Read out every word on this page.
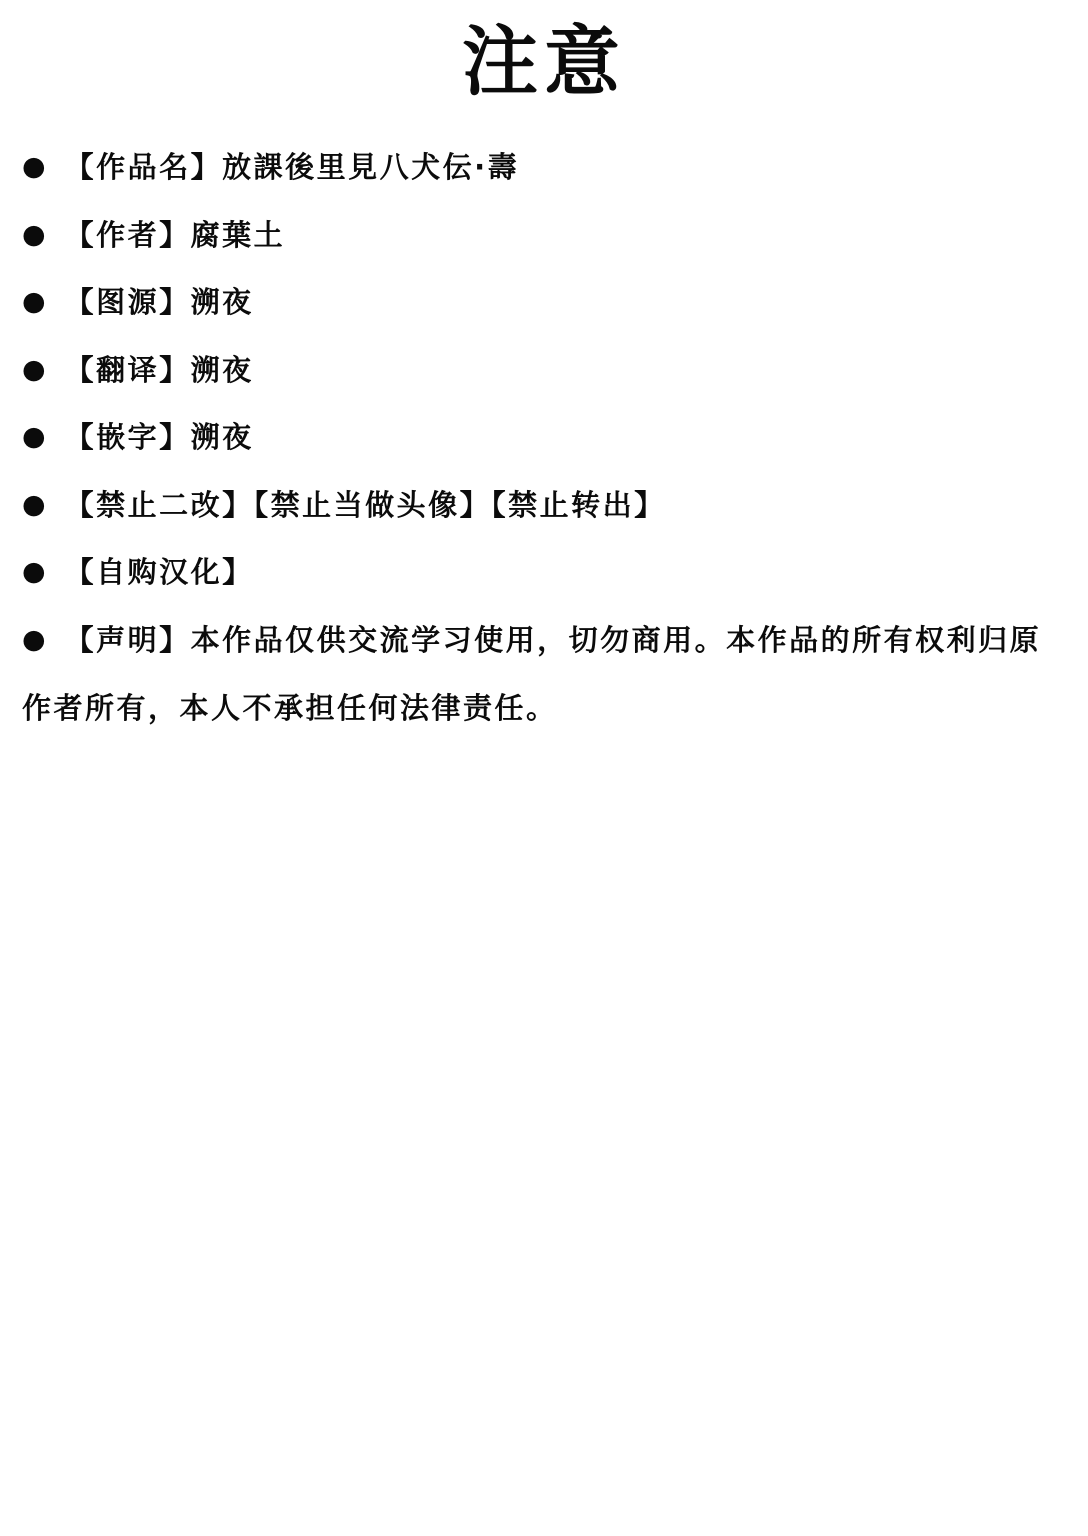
注意
● 【作品名】放課後里見八犬伝·壽
● 【作者】腐葉土
● 【图源】溯夜
● 【翻译】溯夜
● 【嵌字】溯夜
● 【禁止二改】【禁止当做头像】【禁止转出】
● 【自购汉化】
● 【声明】本作品仅供交流学习使用，切勿商用。本作品的所有权利归原作者所有，本人不承担任何法律责任。
